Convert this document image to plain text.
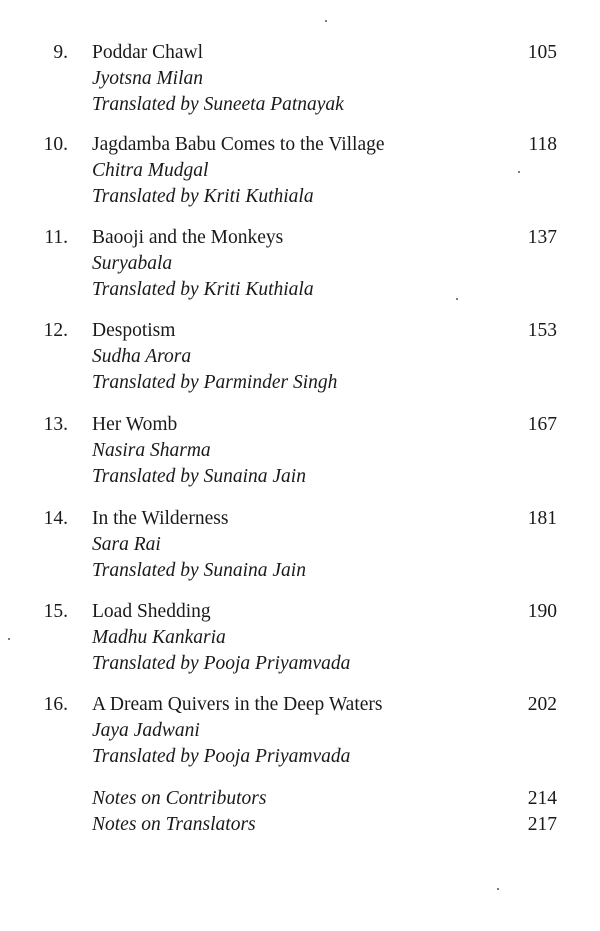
9. Poddar Chawl	105
Jyotsna Milan
Translated by Suneeta Patnayak
10. Jagdamba Babu Comes to the Village	118
Chitra Mudgal
Translated by Kriti Kuthiala
11. Baooji and the Monkeys	137
Suryabala
Translated by Kriti Kuthiala
12. Despotism	153
Sudha Arora
Translated by Parminder Singh
13. Her Womb	167
Nasira Sharma
Translated by Sunaina Jain
14. In the Wilderness	181
Sara Rai
Translated by Sunaina Jain
15. Load Shedding	190
Madhu Kankaria
Translated by Pooja Priyamvada
16. A Dream Quivers in the Deep Waters	202
Jaya Jadwani
Translated by Pooja Priyamvada
Notes on Contributors	214
Notes on Translators	217
